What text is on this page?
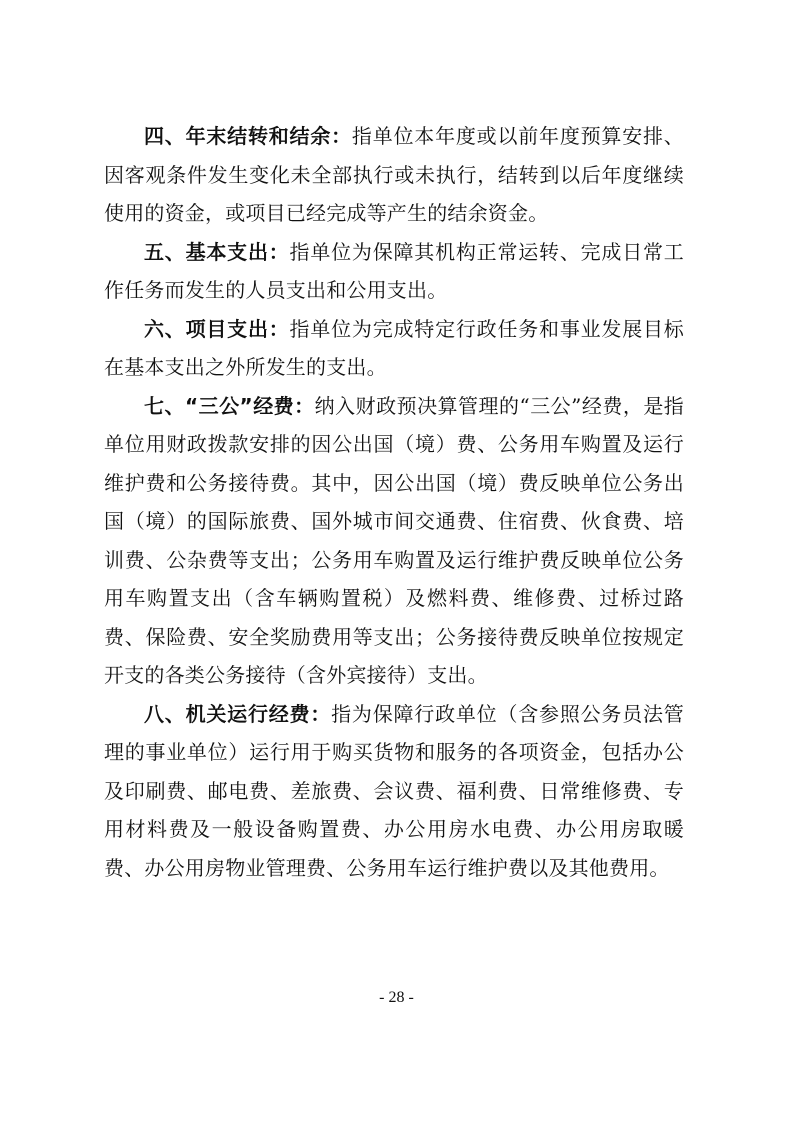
四、年末结转和结余：指单位本年度或以前年度预算安排、因客观条件发生变化未全部执行或未执行，结转到以后年度继续使用的资金，或项目已经完成等产生的结余资金。

五、基本支出：指单位为保障其机构正常运转、完成日常工作任务而发生的人员支出和公用支出。

六、项目支出：指单位为完成特定行政任务和事业发展目标在基本支出之外所发生的支出。

七、“三公”经费：纳入财政预决算管理的“三公”经费，是指单位用财政拨款安排的因公出国（境）费、公务用车购置及运行维护费和公务接待费。其中，因公出国（境）费反映单位公务出国（境）的国际旅费、国外城市间交通费、住宿费、伙食费、培训费、公杂费等支出；公务用车购置及运行维护费反映单位公务用车购置支出（含车辆购置税）及燃料费、维修费、过桥过路费、保险费、安全奖励费用等支出；公务接待费反映单位按规定开支的各类公务接待（含外宾接待）支出。

八、机关运行经费：指为保障行政单位（含参照公务员法管理的事业单位）运行用于购买货物和服务的各项资金，包括办公及印刷费、邮电费、差旅费、会议费、福利费、日常维修费、专用材料费及一般设备购置费、办公用房水电费、办公用房取暖费、办公用房物业管理费、公务用车运行维护费以及其他费用。

- 28 -
